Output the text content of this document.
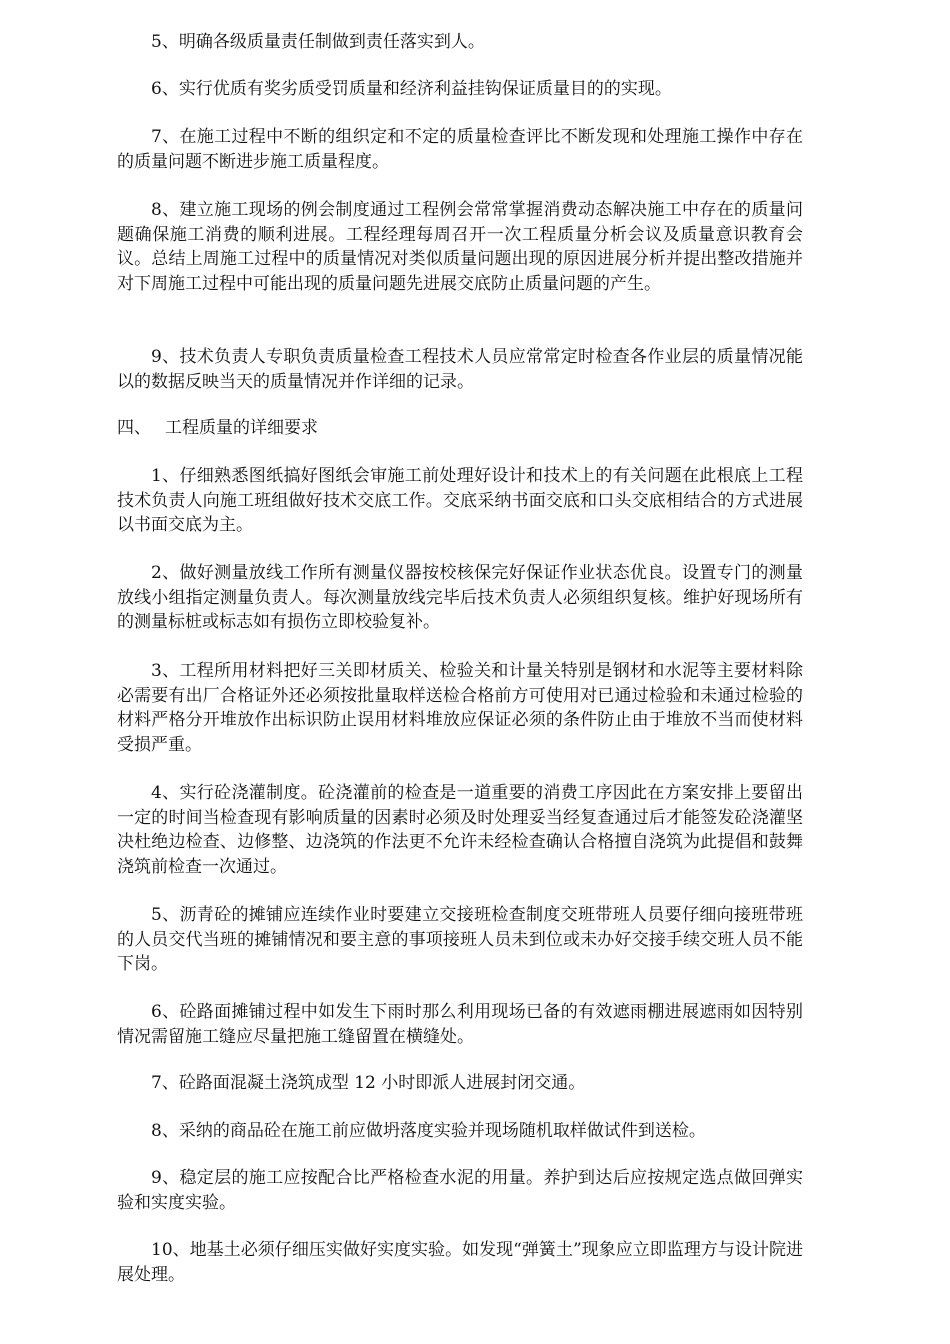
5、明确各级质量责任制做到责任落实到人。

6、实行优质有奖劣质受罚质量和经济利益挂钩保证质量目的的实现。

7、在施工过程中不断的组织定和不定的质量检查评比不断发现和处理施工操作中存在的质量问题不断进步施工质量程度。

8、建立施工现场的例会制度通过工程例会常常掌握消费动态解决施工中存在的质量问题确保施工消费的顺利进展。工程经理每周召开一次工程质量分析会议及质量意识教育会议。总结上周施工过程中的质量情况对类似质量问题出现的原因进展分析并提出整改措施并对下周施工过程中可能出现的质量问题先进展交底防止质量问题的产生。

9、技术负责人专职负责质量检查工程技术人员应常常定时检查各作业层的质量情况能以的数据反映当天的质量情况并作详细的记录。

四、 工程质量的详细要求

1、仔细熟悉图纸搞好图纸会审施工前处理好设计和技术上的有关问题在此根底上工程技术负责人向施工班组做好技术交底工作。交底采纳书面交底和口头交底相结合的方式进展以书面交底为主。

2、做好测量放线工作所有测量仪器按校核保完好保证作业状态优良。设置专门的测量放线小组指定测量负责人。每次测量放线完毕后技术负责人必须组织复核。维护好现场所有的测量标桩或标志如有损伤立即校验复补。

3、工程所用材料把好三关即材质关、检验关和计量关特别是钢材和水泥等主要材料除必需要有出厂合格证外还必须按批量取样送检合格前方可使用对已通过检验和未通过检验的材料严格分开堆放作出标识防止误用材料堆放应保证必须的条件防止由于堆放不当而使材料受损严重。

4、实行砼浇灌制度。砼浇灌前的检查是一道重要的消费工序因此在方案安排上要留出一定的时间当检查现有影响质量的因素时必须及时处理妥当经复查通过后才能签发砼浇灌坚决杜绝边检查、边修整、边浇筑的作法更不允许未经检查确认合格擅自浇筑为此提倡和鼓舞浇筑前检查一次通过。

5、沥青砼的摊铺应连续作业时要建立交接班检查制度交班带班人员要仔细向接班带班的人员交代当班的摊铺情况和要主意的事项接班人员未到位或未办好交接手续交班人员不能下岗。

6、砼路面摊铺过程中如发生下雨时那么利用现场已备的有效遮雨棚进展遮雨如因特别情况需留施工缝应尽量把施工缝留置在横缝处。

7、砼路面混凝土浇筑成型 12 小时即派人进展封闭交通。

8、采纳的商品砼在施工前应做坍落度实验并现场随机取样做试件到送检。

9、稳定层的施工应按配合比严格检查水泥的用量。养护到达后应按规定选点做回弹实验和实度实验。

10、地基土必须仔细压实做好实度实验。如发现“弹簧土”现象应立即监理方与设计院进展处理。
